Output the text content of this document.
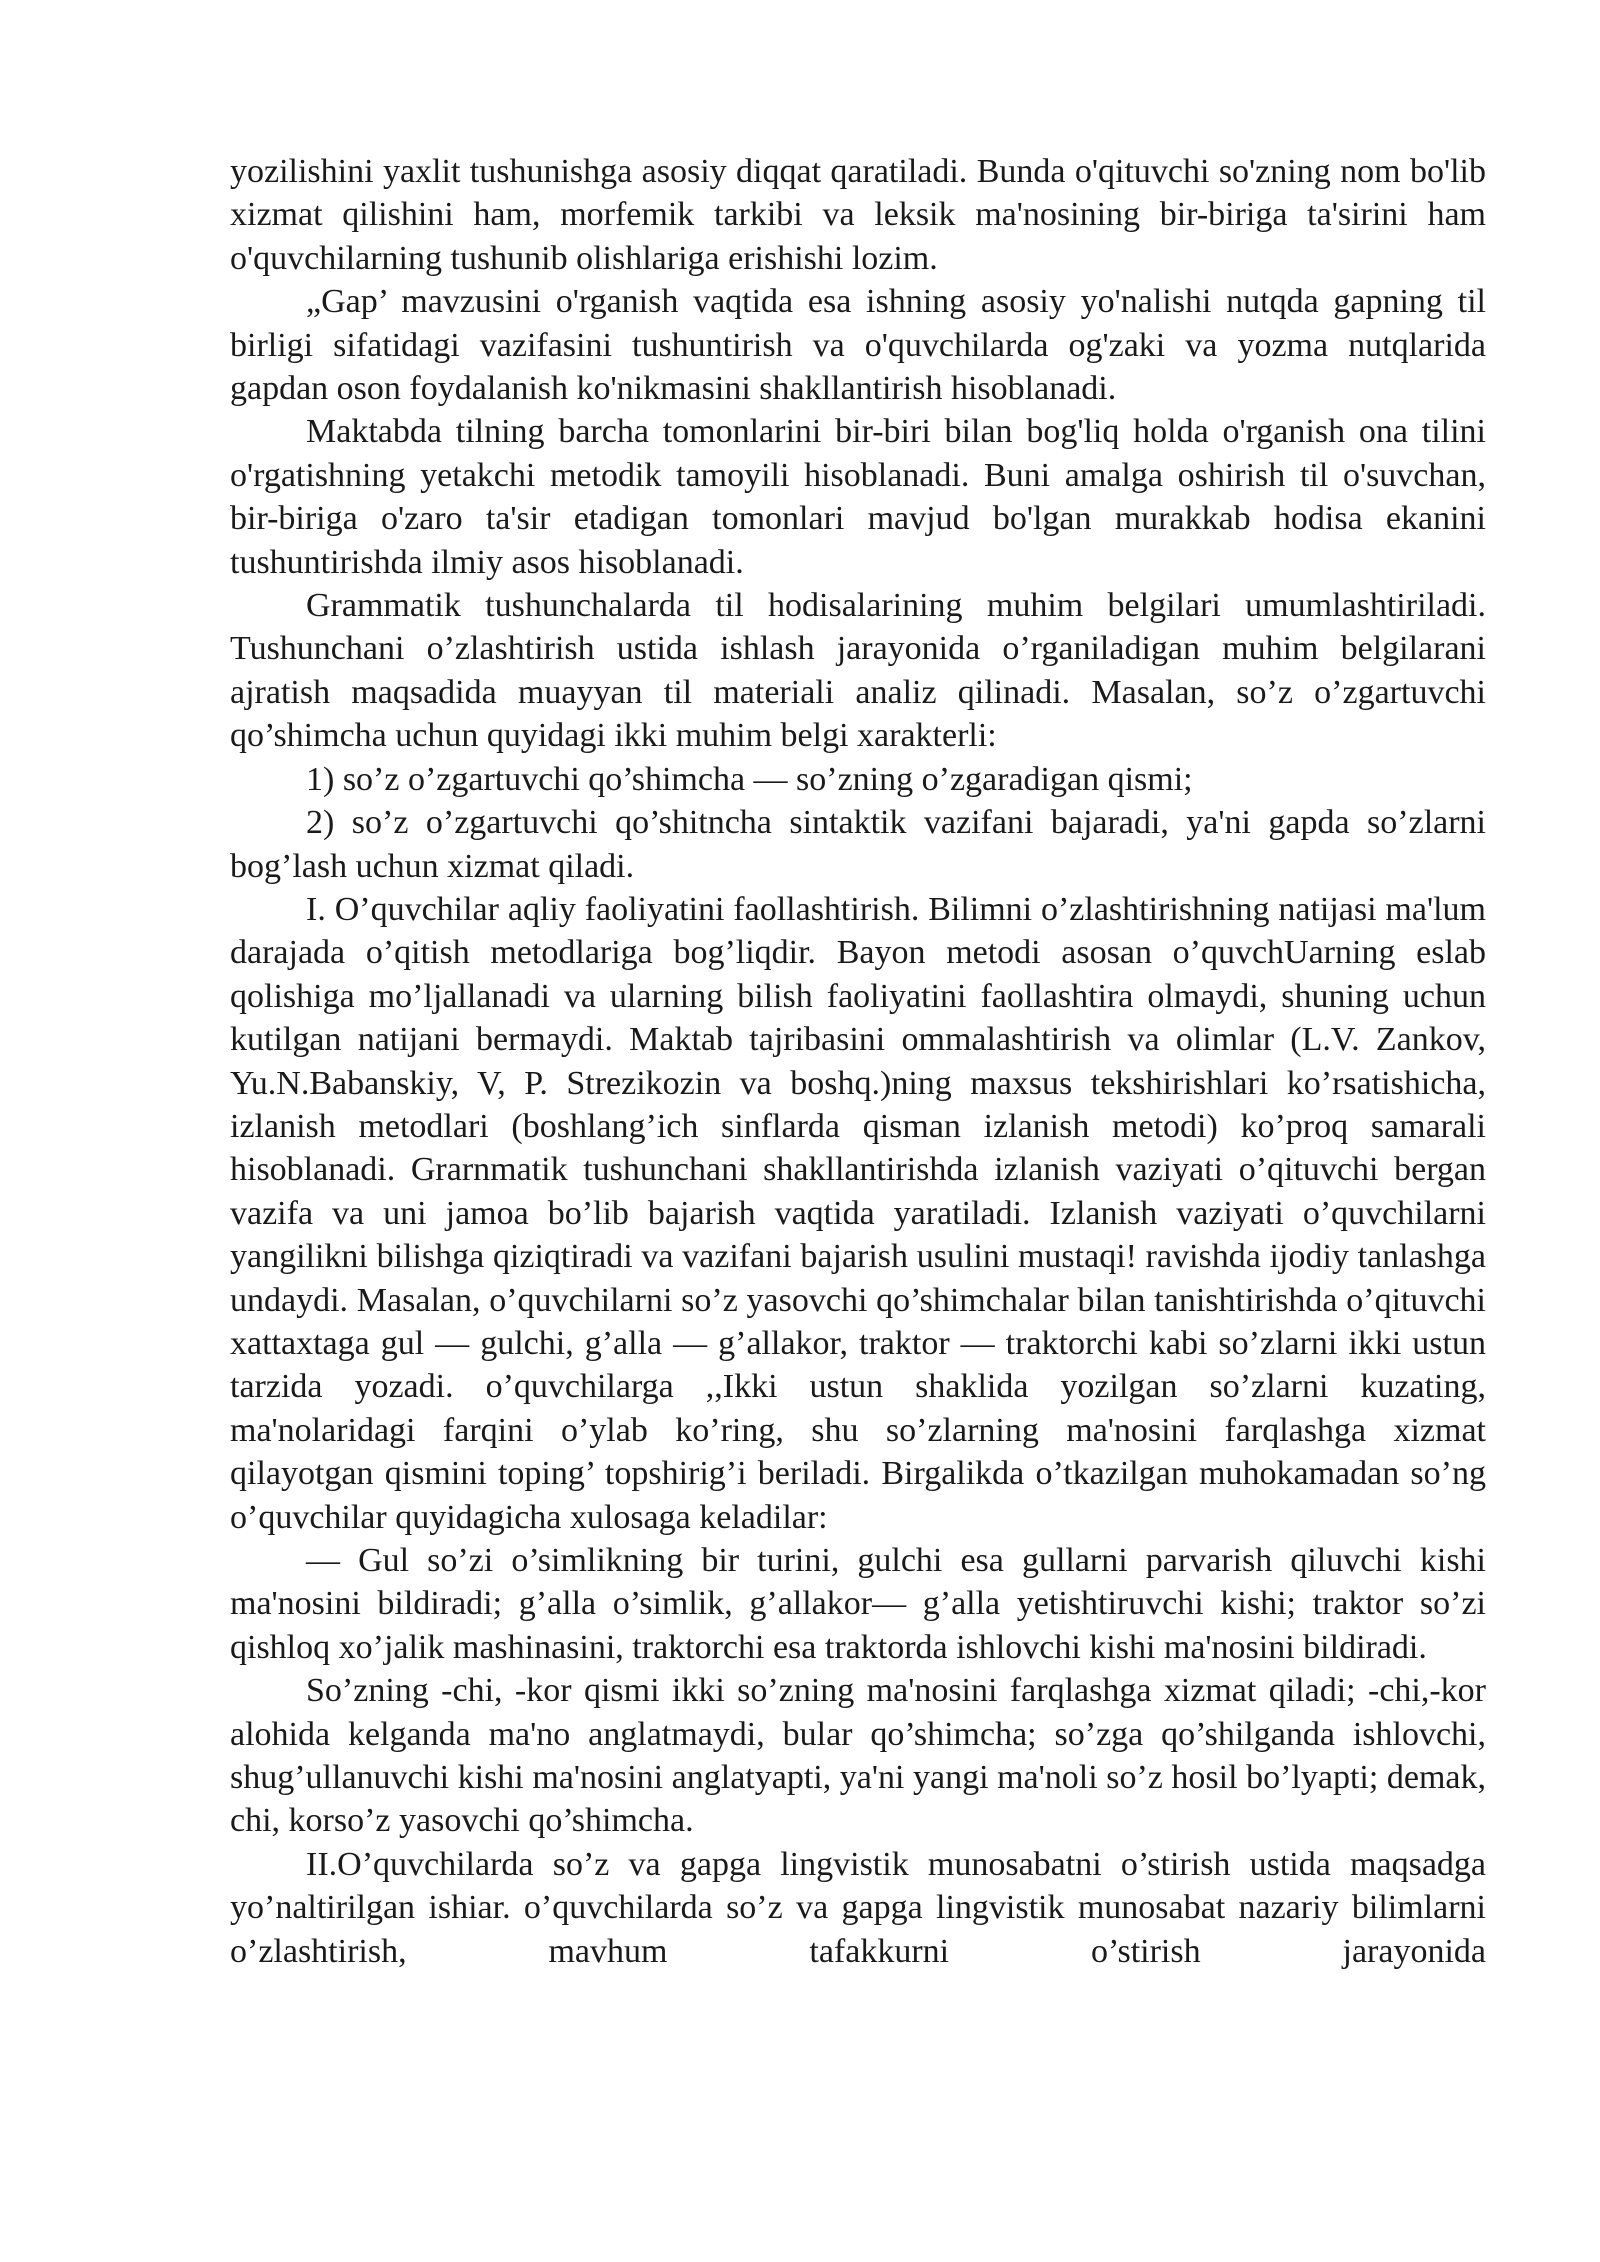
yozilishini yaxlit tushunishga asosiy diqqat qaratiladi. Bunda o'qituvchi so'zning nom bo'lib xizmat qilishini ham, morfemik tarkibi va leksik ma'nosining bir-biriga ta'sirini ham o'quvchilarning tushunib olishlariga erishishi lozim.

„Gap’ mavzusini o'rganish vaqtida esa ishning asosiy yo'nalishi nutqda gapning til birligi sifatidagi vazifasini tushuntirish va o'quvchilarda og'zaki va yozma nutqlarida gapdan oson foydalanish ko'nikmasini shakllantirish hisoblanadi.

Maktabda tilning barcha tomonlarini bir-biri bilan bog'liq holda o'rganish ona tilini o'rgatishning yetakchi metodik tamoyili hisoblanadi. Buni amalga oshirish til o'suvchan, bir-biriga o'zaro ta'sir etadigan tomonlari mavjud bo'lgan murakkab hodisa ekanini tushuntirishda ilmiy asos hisoblanadi.

Grammatik tushunchalarda til hodisalarining muhim belgilari umumlashtiriladi. Tushunchani o’zlashtirish ustida ishlash jarayonida o’rganiladigan muhim belgilarani ajratish maqsadida muayyan til materiali analiz qilinadi. Masalan, so’z o’zgartuvchi qo’shimcha uchun quyidagi ikki muhim belgi xarakterli:

1) so’z o’zgartuvchi qo’shimcha — so’zning o’zgaradigan qismi;

2) so’z o’zgartuvchi qo’shitncha sintaktik vazifani bajaradi, ya'ni gapda so’zlarni bog’lash uchun xizmat qiladi.

I. O’quvchilar aqliy faoliyatini faollashtirish. Bilimni o’zlashtirishning natijasi ma'lum darajada o’qitish metodlariga bog’liqdir. Bayon metodi asosan o’quvchUarning eslab qolishiga mo’ljallanadi va ularning bilish faoliyatini faollashtira olmaydi, shuning uchun kutilgan natijani bermaydi. Maktab tajribasini ommalashtirish va olimlar (L.V. Zankov, Yu.N.Babanskiy, V, P. Strezikozin va boshq.)ning maxsus tekshirishlari ko’rsatishicha, izlanish metodlari (boshlang’ich sinflarda qisman izlanish metodi) ko’proq samarali hisoblanadi. Grarnmatik tushunchani shakllantirishda izlanish vaziyati o’qituvchi bergan vazifa va uni jamoa bo’lib bajarish vaqtida yaratiladi. Izlanish vaziyati o’quvchilarni yangilikni bilishga qiziqtiradi va vazifani bajarish usulini mustaqi! ravishda ijodiy tanlashga undaydi. Masalan, o’quvchilarni so’z yasovchi qo’shimchalar bilan tanishtirishda o’qituvchi xattaxtaga gul — gulchi, g’alla — g’allakor, traktor — traktorchi kabi so’zlarni ikki ustun tarzida yozadi. o’quvchilarga ,,Ikki ustun shaklida yozilgan so’zlarni kuzating, ma'nolaridagi farqini o’ylab ko’ring, shu so’zlarning ma'nosini farqlashga xizmat qilayotgan qismini toping’ topshirig’i beriladi. Birgalikda o’tkazilgan muhokamadan so’ng o’quvchilar quyidagicha xulosaga keladilar:

— Gul so’zi o’simlikning bir turini, gulchi esa gullarni parvarish qiluvchi kishi ma'nosini bildiradi; g’alla o’simlik, g’allakor— g’alla yetishtiruvchi kishi; traktor so’zi qishloq xo’jalik mashinasini, traktorchi esa traktorda ishlovchi kishi ma'nosini bildiradi.

So’zning -chi, -kor qismi ikki so’zning ma'nosini farqlashga xizmat qiladi; -chi,-kor alohida kelganda ma'no anglatmaydi, bular qo’shimcha; so’zga qo’shilganda ishlovchi, shug’ullanuvchi kishi ma'nosini anglatyapti, ya'ni yangi ma'noli so’z hosil bo’lyapti; demak, chi, korso’z yasovchi qo’shimcha.

II.O’quvchilarda so’z va gapga lingvistik munosabatni o’stirish ustida maqsadga yo’naltirilgan ishiar. o’quvchilarda so’z va gapga lingvistik munosabat nazariy bilimlarni o’zlashtirish, mavhum tafakkurni o’stirish jarayonida
